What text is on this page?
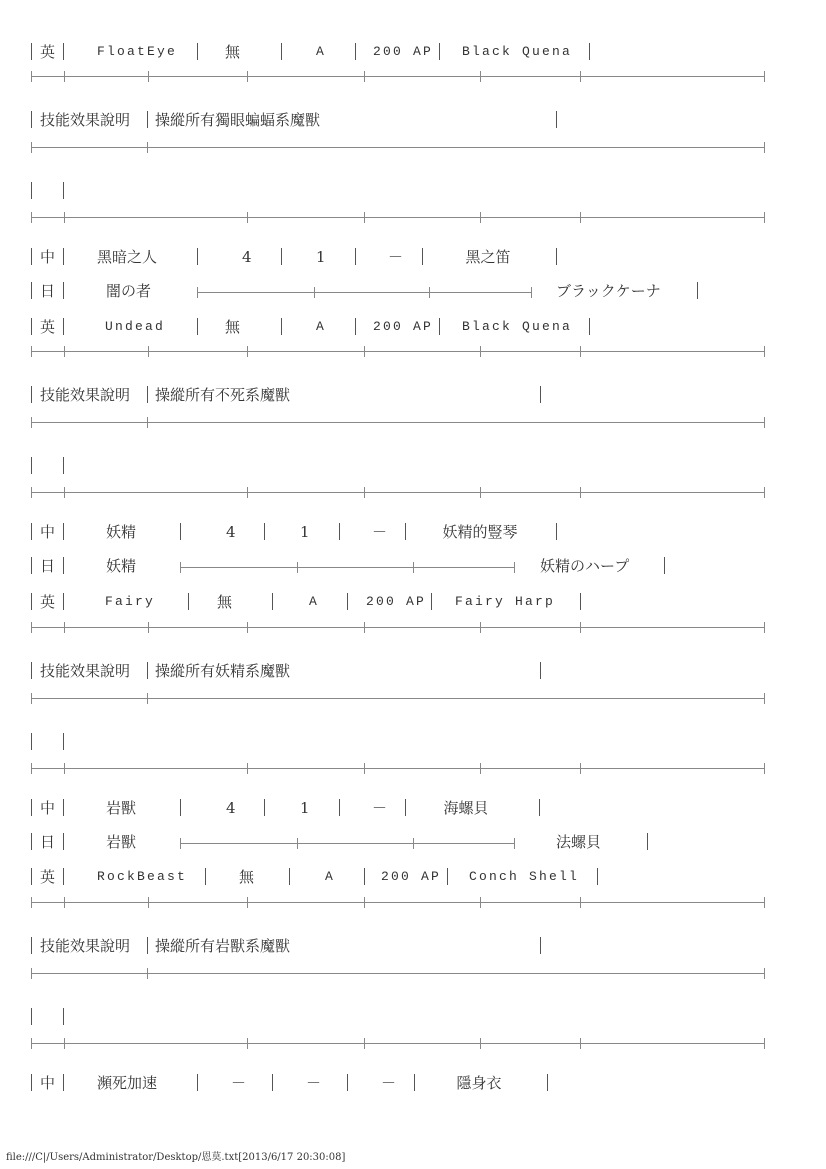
英	FloatEye	無	A	200 AP Black Quena
技能效果說明 操縱所有獨眼蝙蝠系魔獸
中	黑暗之人	4	1	－	黑之笛
日	闇の者	ブラックケーナ
英	Undead	無	A	200 AP Black Quena
技能效果說明 操縱所有不死系魔獸
中	妖精	4	1	－	妖精的豎琴
日	妖精	妖精のハープ
英	Fairy	無	A	200 AP Fairy Harp
技能效果說明 操縱所有妖精系魔獸
中	岩獸	4	1	－	海螺貝
日	岩獸	法螺貝
英	RockBeast	無	A	200 AP Conch Shell
技能效果說明 操縱所有岩獸系魔獸
中	瀕死加速	－	－	－	隱身衣
file:///C|/Users/Administrator/Desktop/恩莫.txt[2013/6/17 20:30:08]
